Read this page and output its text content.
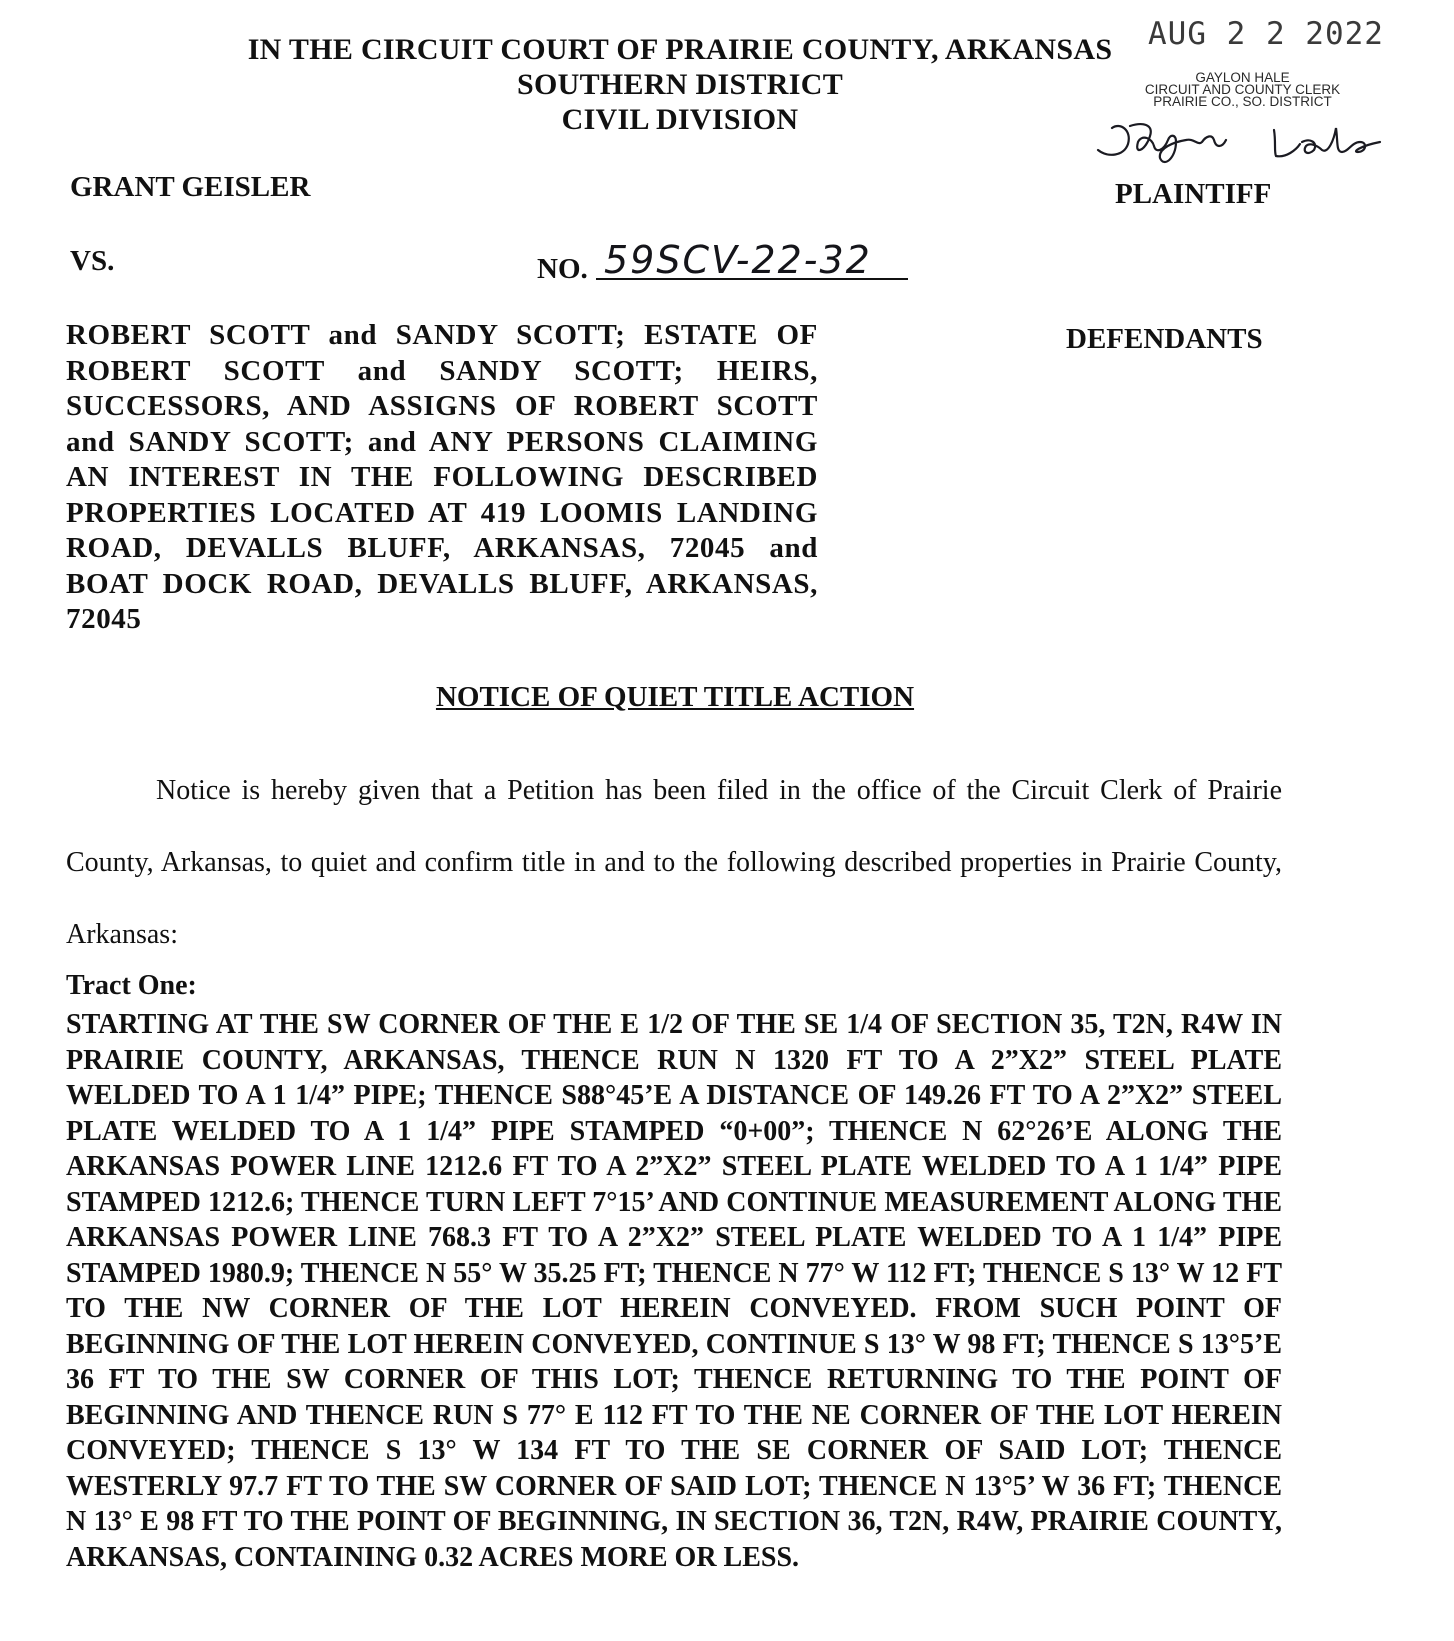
IN THE CIRCUIT COURT OF PRAIRIE COUNTY, ARKANSAS
SOUTHERN DISTRICT
CIVIL DIVISION
AUG 2 2 2022
GAYLON HALE
CIRCUIT AND COUNTY CLERK
PRAIRIE CO., SO. DISTRICT
GRANT GEISLER	PLAINTIFF
VS.	NO. 59SCV-22-32
ROBERT SCOTT and SANDY SCOTT; ESTATE OF ROBERT SCOTT and SANDY SCOTT; HEIRS, SUCCESSORS, AND ASSIGNS OF ROBERT SCOTT and SANDY SCOTT; and ANY PERSONS CLAIMING AN INTEREST IN THE FOLLOWING DESCRIBED PROPERTIES LOCATED AT 419 LOOMIS LANDING ROAD, DEVALLS BLUFF, ARKANSAS, 72045 and BOAT DOCK ROAD, DEVALLS BLUFF, ARKANSAS, 72045
DEFENDANTS
NOTICE OF QUIET TITLE ACTION
Notice is hereby given that a Petition has been filed in the office of the Circuit Clerk of Prairie County, Arkansas, to quiet and confirm title in and to the following described properties in Prairie County, Arkansas:
Tract One:
STARTING AT THE SW CORNER OF THE E 1/2 OF THE SE 1/4 OF SECTION 35, T2N, R4W IN PRAIRIE COUNTY, ARKANSAS, THENCE RUN N 1320 FT TO A 2”X2” STEEL PLATE WELDED TO A 1 1/4” PIPE; THENCE S88°45’E A DISTANCE OF 149.26 FT TO A 2”X2” STEEL PLATE WELDED TO A 1 1/4” PIPE STAMPED “0+00”; THENCE N 62°26’E ALONG THE ARKANSAS POWER LINE 1212.6 FT TO A 2”X2” STEEL PLATE WELDED TO A 1 1/4” PIPE STAMPED 1212.6; THENCE TURN LEFT 7°15’ AND CONTINUE MEASUREMENT ALONG THE ARKANSAS POWER LINE 768.3 FT TO A 2”X2” STEEL PLATE WELDED TO A 1 1/4” PIPE STAMPED 1980.9; THENCE N 55° W 35.25 FT; THENCE N 77° W 112 FT; THENCE S 13° W 12 FT TO THE NW CORNER OF THE LOT HEREIN CONVEYED. FROM SUCH POINT OF BEGINNING OF THE LOT HEREIN CONVEYED, CONTINUE S 13° W 98 FT; THENCE S 13°5’E 36 FT TO THE SW CORNER OF THIS LOT; THENCE RETURNING TO THE POINT OF BEGINNING AND THENCE RUN S 77° E 112 FT TO THE NE CORNER OF THE LOT HEREIN CONVEYED; THENCE S 13° W 134 FT TO THE SE CORNER OF SAID LOT; THENCE WESTERLY 97.7 FT TO THE SW CORNER OF SAID LOT; THENCE N 13°5’ W 36 FT; THENCE N 13° E 98 FT TO THE POINT OF BEGINNING, IN SECTION 36, T2N, R4W, PRAIRIE COUNTY, ARKANSAS, CONTAINING 0.32 ACRES MORE OR LESS.
